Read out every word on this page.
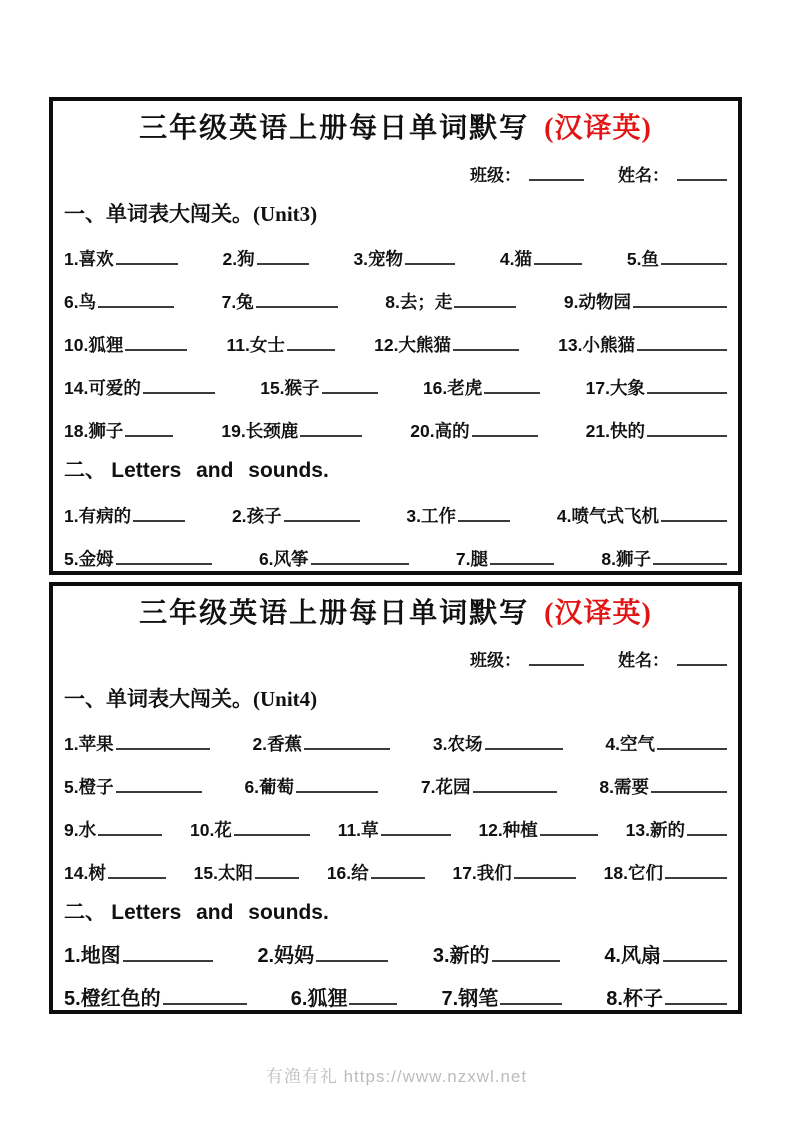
三年级英语上册每日单词默写 (汉译英)
班级：	姓名：
一、单词表大闯关。(Unit3)
1. 喜欢	2. 狗	3. 宠物	4. 猫	5. 鱼
6. 鸟	7. 兔	8. 去；走	9. 动物园
10. 狐狸	11. 女士	12. 大熊猫	13. 小熊猫
14. 可爱的	15. 猴子	16. 老虎	17. 大象
18. 狮子	19. 长颈鹿	20. 高的	21. 快的
二、 Letters and sounds.
1. 有病的	2. 孩子	3. 工作	4. 喷气式飞机
5. 金姆	6. 风筝	7. 腿	8. 狮子
三年级英语上册每日单词默写 (汉译英)
班级：	姓名：
一、单词表大闯关。(Unit4)
1. 苹果	2. 香蕉	3. 农场	4. 空气
5. 橙子	6. 葡萄	7. 花园	8. 需要
9. 水	10. 花	11. 草	12. 种植	13. 新的
14. 树	15. 太阳	16. 给	17. 我们	18. 它们
二、 Letters and sounds.
1. 地图	2. 妈妈	3. 新的	4. 风扇
5. 橙红色的	6. 狐狸	7. 钢笔	8. 杯子
有渔有礼 https://www.nzxwl.net
